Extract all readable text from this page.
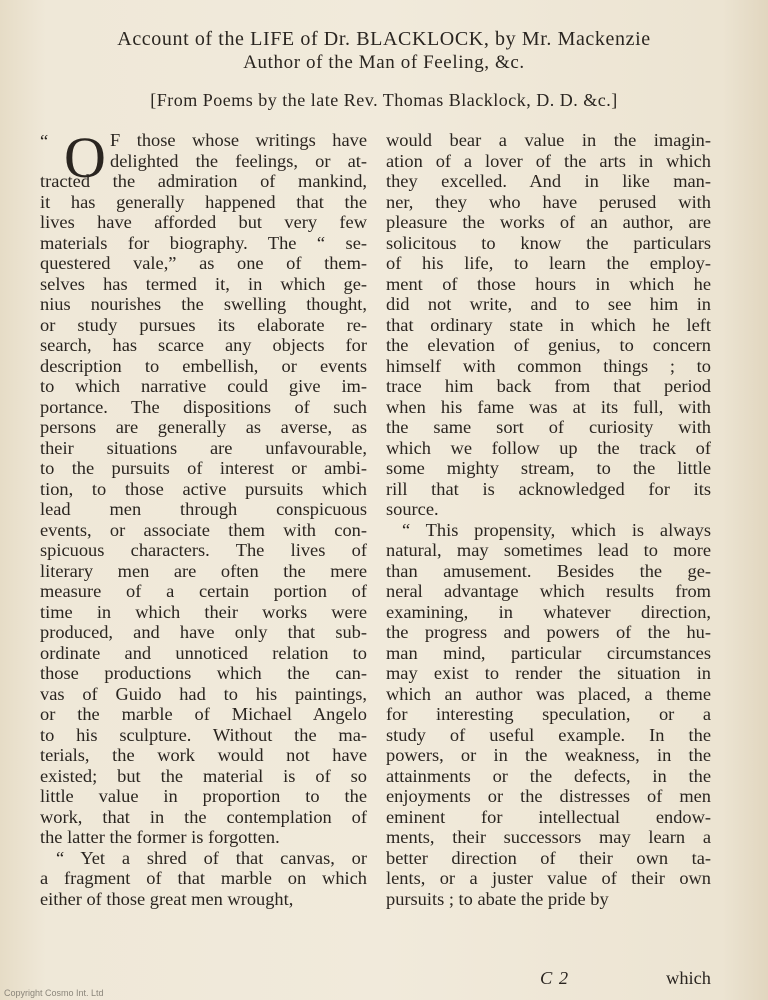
Account of the LIFE of Dr. BLACKLOCK, by Mr. Mackenzie
Author of the Man of Feeling, &c.
[From Poems by the late Rev. Thomas Blacklock, D. D. &c.]
“ O F those whose writings have
delighted the feelings, or at-
tracted the admiration of mankind,
it has generally happened that the
lives have afforded but very few
materials for biography. The “ se-
questered vale,” as one of them-
selves has termed it, in which ge-
nius nourishes the swelling thought,
or study pursues its elaborate re-
search, has scarce any objects for
description to embellish, or events
to which narrative could give im-
portance. The dispositions of such
persons are generally as averse, as
their situations are unfavourable,
to the pursuits of interest or ambi-
tion, to those active pursuits which
lead men through conspicuous
events, or associate them with con-
spicuous characters. The lives of
literary men are often the mere
measure of a certain portion of
time in which their works were
produced, and have only that sub-
ordinate and unnoticed relation to
those productions which the can-
vas of Guido had to his paintings,
or the marble of Michael Angelo
to his sculpture. Without the ma-
terials, the work would not have
existed; but the material is of so
little value in proportion to the
work, that in the contemplation of
the latter the former is forgotten.
“ Yet a shred of that canvas, or
a fragment of that marble on which
either of those great men wrought,
would bear a value in the imagin-
ation of a lover of the arts in which
they excelled. And in like man-
ner, they who have perused with
pleasure the works of an author, are
solicitous to know the particulars
of his life, to learn the employ-
ment of those hours in which he
did not write, and to see him in
that ordinary state in which he left
the elevation of genius, to concern
himself with common things ; to
trace him back from that period
when his fame was at its full, with
the same sort of curiosity with
which we follow up the track of
some mighty stream, to the little
rill that is acknowledged for its
source.
“ This propensity, which is always
natural, may sometimes lead to more
than amusement. Besides the ge-
neral advantage which results from
examining, in whatever direction,
the progress and powers of the hu-
man mind, particular circumstances
may exist to render the situation in
which an author was placed, a theme
for interesting speculation, or a
study of useful example. In the
powers, or in the weakness, in the
attainments or the defects, in the
enjoyments or the distresses of men
eminent for intellectual endow-
ments, their successors may learn a
better direction of their own ta-
lents, or a juster value of their own
pursuits ; to abate the pride by
C 2	which
Copyright Cosmo Int. Ltd
